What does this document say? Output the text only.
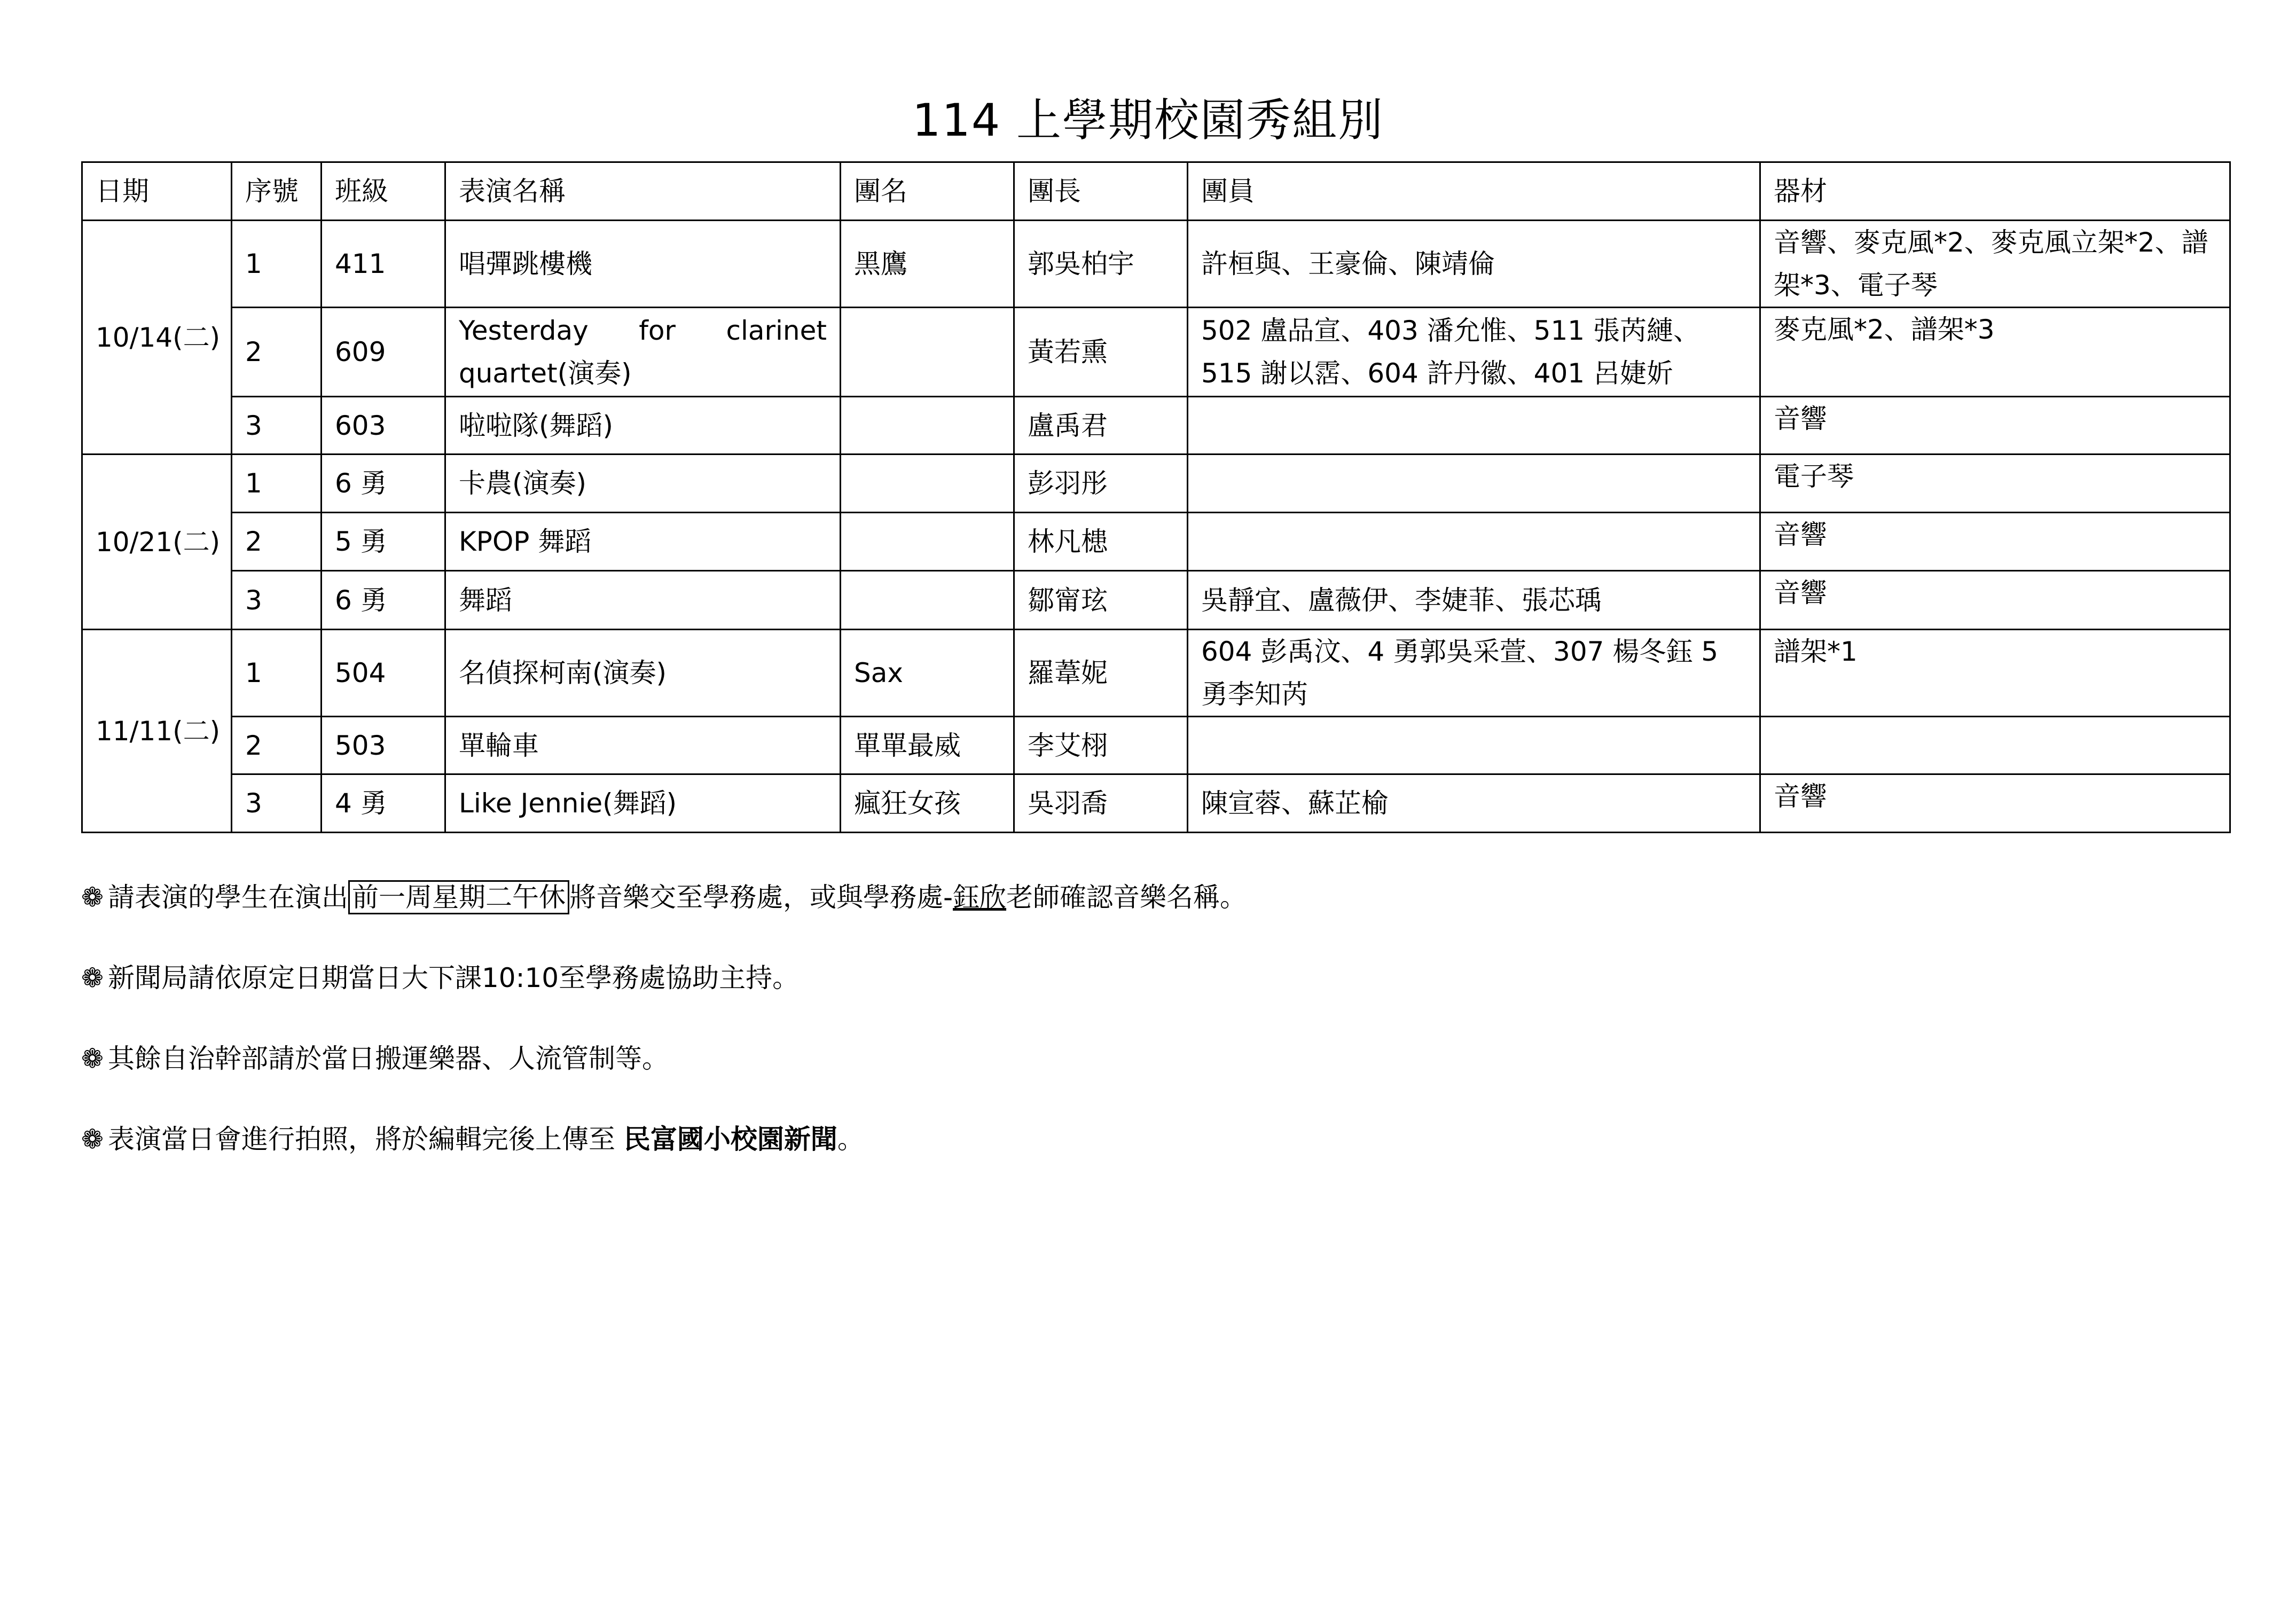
114 上學期校園秀組別
日期	序號	班級	表演名稱	團名	團長	團員	器材
10/14(二)	1	411	唱彈跳樓機	黑鷹	郭吳柏宇	許桓與、王豪倫、陳靖倫	音響、麥克風*2、麥克風立架*2、譜架*3、電子琴
	2	609	Yesterday for clarinet quartet(演奏)		黃若熏	502 盧品宣、403 潘允惟、511 張芮縺、515 謝以霑、604 許丹徽、401 呂婕妡	麥克風*2、譜架*3
	3	603	啦啦隊(舞蹈)		盧禹君		音響
10/21(二)	1	6 勇	卡農(演奏)		彭羽彤		電子琴
	2	5 勇	KPOP 舞蹈		林凡槵		音響
	3	6 勇	舞蹈		鄒甯玹	吳靜宜、盧薇伊、李婕菲、張芯瑀	音響
11/11(二)	1	504	名偵探柯南(演奏)	Sax	羅葦妮	604 彭禹汶、4 勇郭吳采萱、307 楊冬鈺 5 勇李知芮	譜架*1
	2	503	單輪車	單單最威	李艾栩		
	3	4 勇	Like Jennie(舞蹈)	瘋狂女孩	吳羽喬	陳宣蓉、蘇芷榆	音響
❁ 請表演的學生在演出 前一周星期二午休 將音樂交至學務處，或與學務處-鈺欣老師確認音樂名稱。
❁ 新聞局請依原定日期當日大下課10:10至學務處協助主持。
❁ 其餘自治幹部請於當日搬運樂器、人流管制等。
❁ 表演當日會進行拍照，將於編輯完後上傳至 民富國小校園新聞。
